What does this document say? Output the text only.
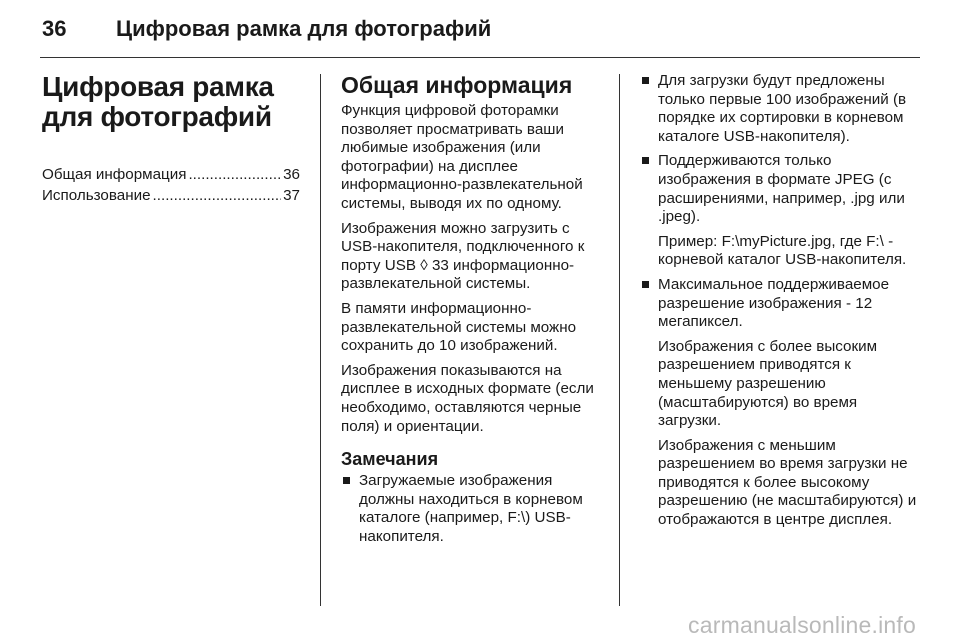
36	Цифровая рамка для фотографий
Цифровая рамка для фотографий
Общая информация .....	36
Использование .....	37
Общая информация

Функция цифровой фоторамки позволяет просматривать ваши любимые изображения (или фотографии) на дисплее информационно-развлекательной системы, выводя их по одному.

Изображения можно загрузить с USB-накопителя, подключенного к порту USB ◊ 33 информационно-развлекательной системы.

В памяти информационно-развлекательной системы можно сохранить до 10 изображений.

Изображения показываются на дисплее в исходных формате (если необходимо, оставляются черные поля) и ориентации.

Замечания
Загружаемые изображения должны находиться в корневом каталоге (например, F:\) USB-накопителя.
Для загрузки будут предложены только первые 100 изображений (в порядке их сортировки в корневом каталоге USB-накопителя).
Поддерживаются только изображения в формате JPEG (с расширениями, например, .jpg или .jpeg).
Пример: F:\myPicture.jpg, где F:\ - корневой каталог USB-накопителя.
Максимальное поддерживаемое разрешение изображения - 12 мегапиксел.
Изображения с более высоким разрешением приводятся к меньшему разрешению (масштабируются) во время загрузки.
Изображения с меньшим разрешением во время загрузки не приводятся к более высокому разрешению (не масштабируются) и отображаются в центре дисплея.
carmanualsonline.info
